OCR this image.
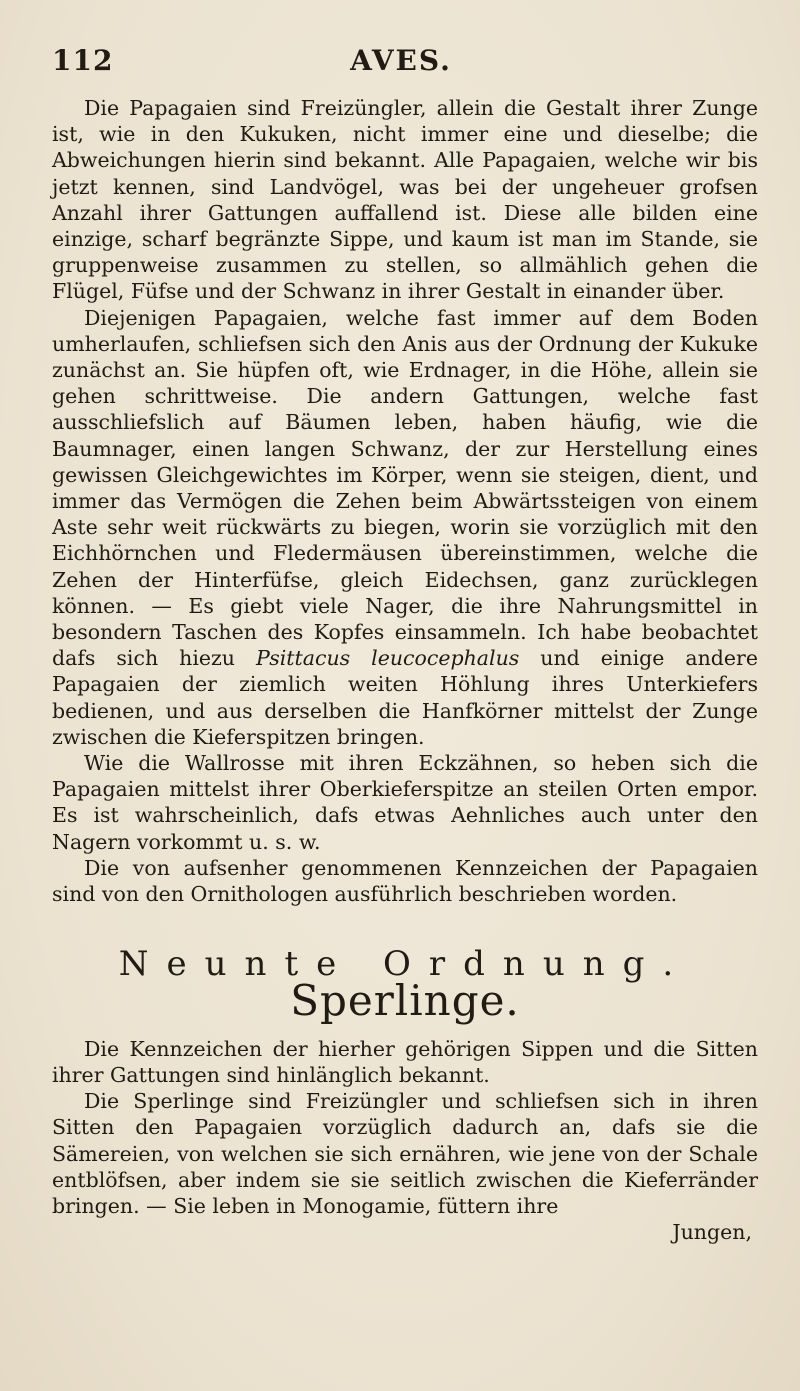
112	AVES.

Die Papagaien sind Freizüngler, allein die Gestalt ihrer Zunge ist, wie in den Kukuken, nicht immer eine und dieselbe; die Abweichungen hierin sind bekannt. Alle Papagaien, welche wir bis jetzt kennen, sind Landvögel, was bei der ungeheuer grofsen Anzahl ihrer Gattungen auffallend ist. Diese alle bilden eine einzige, scharf begränzte Sippe, und kaum ist man im Stande, sie gruppenweise zusammen zu stellen, so allmählich gehen die Flügel, Füfse und der Schwanz in ihrer Gestalt in einander über.

Diejenigen Papagaien, welche fast immer auf dem Boden umherlaufen, schliefsen sich den Anis aus der Ordnung der Kukuke zunächst an. Sie hüpfen oft, wie Erdnager, in die Höhe, allein sie gehen schrittweise. Die andern Gattungen, welche fast ausschliefslich auf Bäumen leben, haben häufig, wie die Baumnager, einen langen Schwanz, der zur Herstellung eines gewissen Gleichgewichtes im Körper, wenn sie steigen, dient, und immer das Vermögen die Zehen beim Abwärtssteigen von einem Aste sehr weit rückwärts zu biegen, worin sie vorzüglich mit den Eichhörnchen und Fledermäusen übereinstimmen, welche die Zehen der Hinterfüfse, gleich Eidechsen, ganz zurücklegen können. — Es giebt viele Nager, die ihre Nahrungsmittel in besondern Taschen des Kopfes einsammeln. Ich habe beobachtet dafs sich hiezu Psittacus leucocephalus und einige andere Papagaien der ziemlich weiten Höhlung ihres Unterkiefers bedienen, und aus derselben die Hanfkörner mittelst der Zunge zwischen die Kieferspitzen bringen.

Wie die Wallrosse mit ihren Eckzähnen, so heben sich die Papagaien mittelst ihrer Oberkieferspitze an steilen Orten empor. Es ist wahrscheinlich, dafs etwas Aehnliches auch unter den Nagern vorkommt u. s. w.

Die von aufsenher genommenen Kennzeichen der Papagaien sind von den Ornithologen ausführlich beschrieben worden.

Neunte Ordnung.
Sperlinge.

Die Kennzeichen der hierher gehörigen Sippen und die Sitten ihrer Gattungen sind hinlänglich bekannt.

Die Sperlinge sind Freizüngler und schliefsen sich in ihren Sitten den Papagaien vorzüglich dadurch an, dafs sie die Sämereien, von welchen sie sich ernähren, wie jene von der Schale entblöfsen, aber indem sie sie seitlich zwischen die Kieferränder bringen. — Sie leben in Monogamie, füttern ihre

Jungen,
